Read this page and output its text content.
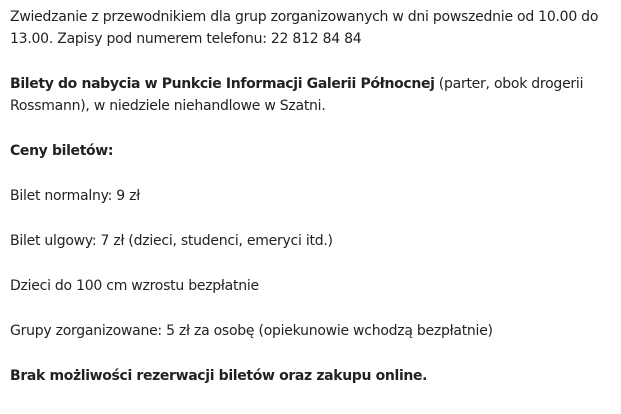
Zwiedzanie z przewodnikiem dla grup zorganizowanych w dni powszednie od 10.00 do 13.00. Zapisy pod numerem telefonu: 22 812 84 84

Bilety do nabycia w Punkcie Informacji Galerii Północnej (parter, obok drogerii Rossmann), w niedziele niehandlowe w Szatni.

Ceny biletów:

Bilet normalny: 9 zł

Bilet ulgowy: 7 zł (dzieci, studenci, emeryci itd.)

Dzieci do 100 cm wzrostu bezpłatnie

Grupy zorganizowane: 5 zł za osobę (opiekunowie wchodzą bezpłatnie)

Brak możliwości rezerwacji biletów oraz zakupu online.
